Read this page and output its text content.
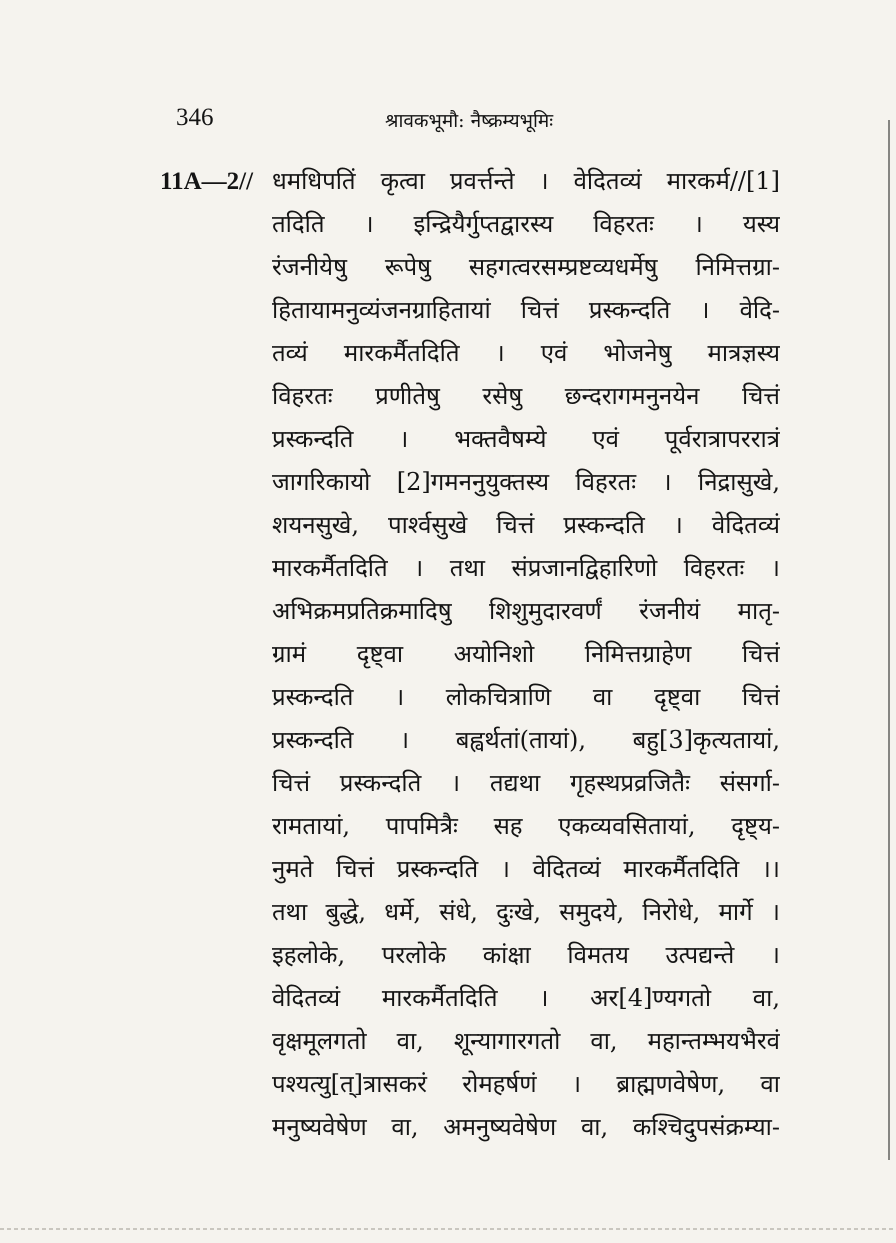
346	श्रावकभूमौ: नैष्क्रम्यभूमिः
11A—2// धमधिपतिं कृत्वा प्रवर्त्तन्ते । वेदितव्यं मारकर्म//[1]
तदिति । इन्द्रियैर्गुप्तद्वारस्य विहरतः । यस्य
रंजनीयेषु रूपेषु सहगत्वरसम्प्रष्टव्यधर्मेषु निमित्तग्रा-
हितायामनुव्यंजनग्राहितायां चित्तं प्रस्कन्दति । वेदि-
तव्यं मारकर्मैतदिति । एवं भोजनेषु मात्रज्ञस्य
विहरतः प्रणीतेषु रसेषु छन्दरागमनुनयेन चित्तं
प्रस्कन्दति । भक्तवैषम्ये एवं पूर्वरात्रापररात्रं
जागरिकायो [2]गमननुयुक्तस्य विहरतः । निद्रासुखे,
शयनसुखे, पार्श्वसुखे चित्तं प्रस्कन्दति । वेदितव्यं
मारकर्मैतदिति । तथा संप्रजानद्विहारिणो विहरतः ।
अभिक्रमप्रतिक्रमादिषु शिशुमुदारवर्णं रंजनीयं मातृ-
ग्रामं दृष्ट्वा अयोनिशो निमित्तग्राहेण चित्तं
प्रस्कन्दति । लोकचित्राणि वा दृष्ट्वा चित्तं
प्रस्कन्दति । बह्वर्थतां(तायां), बहु[3]कृत्यतायां,
चित्तं प्रस्कन्दति । तद्यथा गृहस्थप्रव्रजितैः संसर्गा-
रामतायां, पापमित्रैः सह एकव्यवसितायां, दृष्ट्य-
नुमते चित्तं प्रस्कन्दति । वेदितव्यं मारकर्मैतदिति ।।
तथा बुद्धे, धर्मे, संधे, दुःखे, समुदये, निरोधे, मार्गे ।
इहलोके, परलोके कांक्षा विमतय उत्पद्यन्ते ।
वेदितव्यं मारकर्मैतदिति । अर[4]ण्यगतो वा,
वृक्षमूलगतो वा, शून्यागारगतो वा, महान्तम्भयभैरवं
पश्यत्यु[त्]त्रासकरं रोमहर्षणं । ब्राह्मणवेषेण, वा
मनुष्यवेषेण वा, अमनुष्यवेषेण वा, कश्चिदुपसंक्रम्या-
